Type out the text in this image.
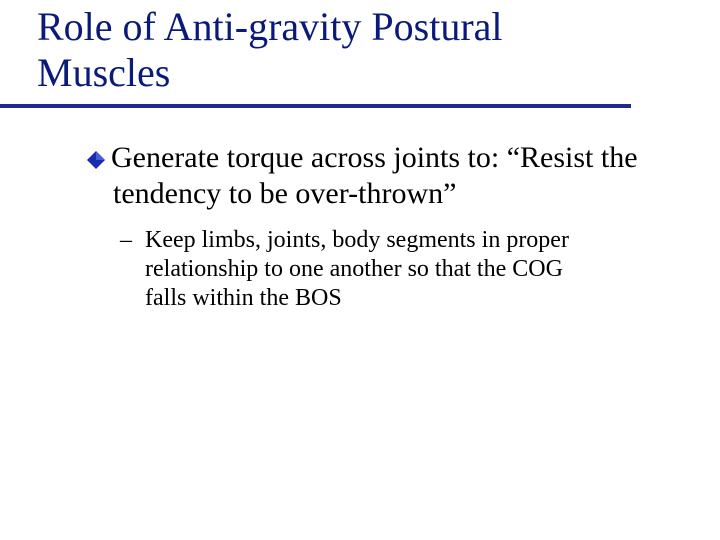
Role of Anti-gravity Postural
Muscles
Generate torque across joints to: “Resist the
tendency to be over-thrown”
– Keep limbs, joints, body segments in proper
relationship to one another so that the COG
falls within the BOS
